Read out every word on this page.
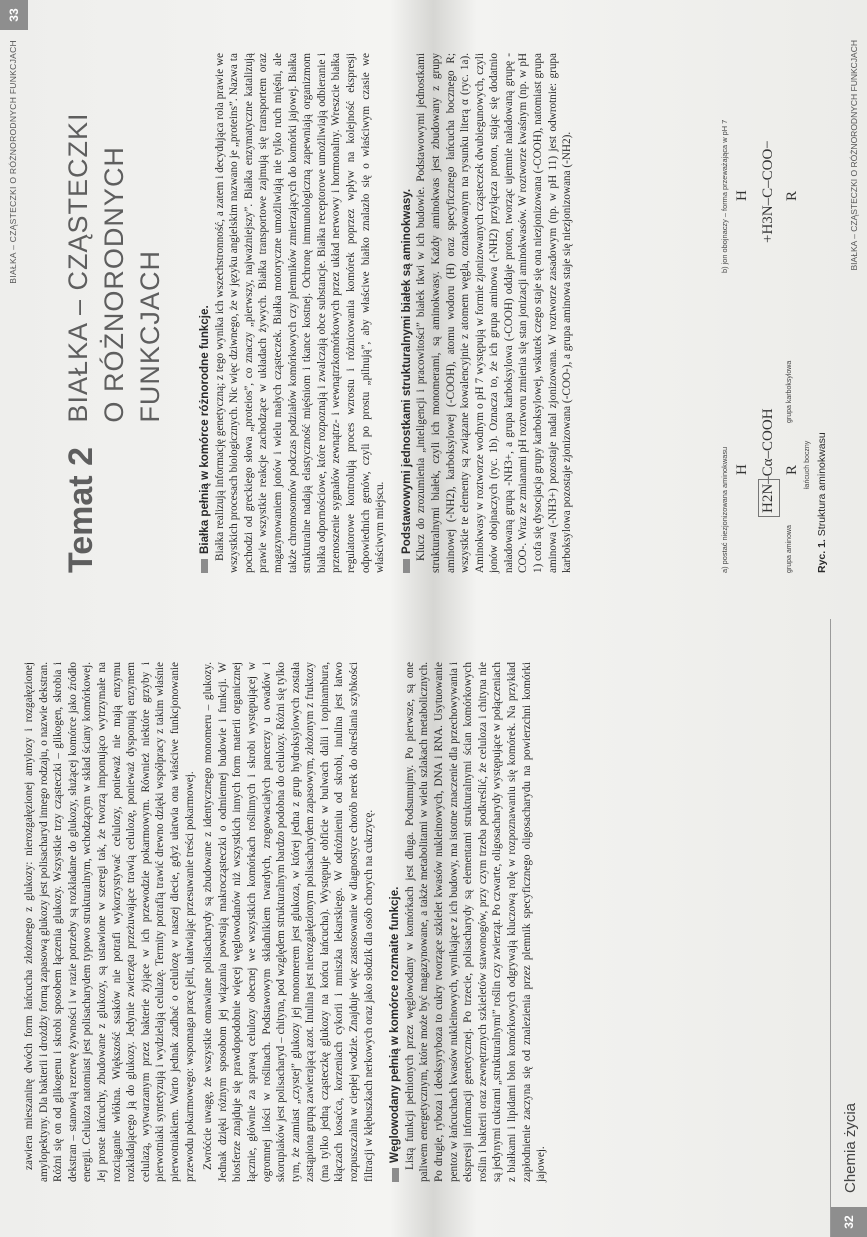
zawiera mieszaninę dwóch form łańcucha złożonego z glukozy: nierozgałęzionej amylozy i rozgałęzionej amylopektyny. Dla bakterii i drożdży formą zapasową glukozy jest polisacharyd innego rodzaju, o nazwie dekstran. Różni się on od glikogenu i skrobi sposobem łączenia glukozy. Wszystkie trzy cząsteczki – glikogen, skrobia i dekstran – stanowią rezerwę żywności i w razie potrzeby są rozkładane do glukozy, służącej komórce jako źródło energii. Celuloza natomiast jest polisacharydem typowo strukturalnym, wchodzącym w skład ściany komórkowej. Jej proste łańcuchy, zbudowane z glukozy, są ustawione w szeregi tak, że tworzą imponująco wytrzymałe na rozciąganie włókna. Większość ssaków nie potrafi wykorzystywać celulozy, ponieważ nie mają enzymu rozkładającego ją do glukozy. Jedynie zwierzęta przeżuwające trawią celulozę, ponieważ dysponują enzymem celulazą, wytwarzanym przez bakterie żyjące w ich przewodzie pokarmowym. Również niektóre grzyby i pierwotniaki syntetyzują i wydzielają celulazę. Termity potrafią trawić drewno dzięki współpracy z takim właśnie pierwotniakiem. Warto jednak zadbać o celulozę w naszej diecie, gdyż ułatwia ona właściwe funkcjonowanie przewodu pokarmowego: wspomaga pracę jelit, ułatwiając przesuwanie treści pokarmowej. Zwróćcie uwagę, że wszystkie omawiane polisacharydy są zbudowane z identycznego monomeru – glukozy. Jednak dzięki różnym sposobom jej wiązania powstają makrocząsteczki o odmiennej budowie i funkcji. W biosferze znajduje się prawdopodobnie więcej węglowodanów niż wszystkich innych form materii organicznej łącznie, głównie za sprawą celulozy obecnej we wszystkich komórkach roślinnych i skrobi występującej w ogromnej ilości w roślinach. Podstawowym składnikiem twardych, zrogowaciałych pancerzy u owadów i skorupiaków jest polisacharyd – chityna, pod względem strukturalnym bardzo podobna do celulozy. Różni się tylko tym, że zamiast „czystej” glukozy jej monomerem jest glukoza, w której jedna z grup hydroksylowych została zastąpiona grupą zawierającą azot. Inulina jest nierozgałęzionym polisacharydem zapasowym, złożonym z fruktozy (ma tylko jedną cząsteczkę glukozy na końcu łańcucha). Występuje obficie w bulwach dalii i topinambura, kłączach kosaćca, korzeniach cykorii i mniszka lekarskiego. W odróżnieniu od skrobi, inulina jest łatwo rozpuszczalna w ciepłej wodzie. Znajduje więc zastosowanie w diagnostyce chorób nerek do określania szybkości filtracji w kłębuszkach nerkowych oraz jako słodzik dla osób chorych na cukrzycę. Węglowodany pełnią w komórce rozmaite funkcje. Listą funkcji pełnionych przez węglowodany w komórkach jest długa. Podsumujmy. Po pierwsze, są one paliwem energetycznym, które może być magazynowane, a także metabolitami w wielu szlakach metabolicznych. Po drugie, ryboza i deoksyryboza to cukry tworzące szkielet kwasów nukleinowych, DNA i RNA. Usytuowanie pentoz w łańcuchach kwasów nukleinowych, wynikające z ich budowy, ma istotne znaczenie dla przechowywania i ekspresji informacji genetycznej. Po trzecie, polisacharydy są elementami strukturalnymi ścian komórkowych roślin i bakterii oraz zewnętrznych szkieletów stawonogów, przy czym trzeba podkreślić, że celuloza i chityna nie są jedynymi cukrami „strukturalnymi” roślin czy zwierząt. Po czwarte, oligosacharydy występujące w połączeniach z białkami i lipidami błon komórkowych odgrywają kluczową rolę w rozpoznawaniu się komórek. Na przykład zapłodnienie zaczyna się od znalezienia przez plemnik specyficznego oligosacharydu na powierzchni komórki jajowej.

32
Chemia życia
BIAŁKA – CZĄSTECZKI O RÓŻNORODNYCH FUNKCJACH
33
Temat 2 BIAŁKA – CZĄSTECZKI O RÓŻNORODNYCH FUNKCJACH	Białka pełnią w komórce różnorodne funkcje. Białka realizują informację genetyczną; z tego wynika ich wszechstronność, a zatem i decydująca rola prawie we wszystkich procesach biologicznych. Nic więc dziwnego, że w języku angielskim nazwano je „proteins”. Nazwa ta pochodzi od greckiego słowa „proteios”, co znaczy „pierwszy, najważniejszy”. Białka enzymatyczne katalizują prawie wszystkie reakcje zachodzące w układach żywych. Białka transportowe zajmują się transportem oraz magazynowaniem jonów i wielu małych cząsteczek. Białka motoryczne umożliwiają nie tylko ruch mięśni, ale także chromosomów podczas podziałów komórkowych czy plemników zmierzających do komórki jajowej. Białka strukturalne nadają elastyczność mięśniom i tkance kostnej. Ochronę immunologiczną zapewniają organizmom białka odpornościowe, które rozpoznają i zwalczają obce substancje. Białka receptorowe umożliwiają odbieranie i przenoszenie sygnałów zewnątrz- i wewnątrzkomórkowych przez układ nerwowy i hormonalny. Wreszcie białka regulatorowe kontrolują proces wzrostu i różnicowania komórek poprzez wpływ na kolejność ekspresji odpowiednich genów, czyli po prostu „pilnują”, aby właściwe białko znalazło się o właściwym czasie we właściwym miejscu. Podstawowymi jednostkami strukturalnymi białek są aminokwasy. Klucz do zrozumienia „inteligencji i pracowitości” białek tkwi w ich budowie. Podstawowymi jednostkami strukturalnymi białek, czyli ich monomerami, są aminokwasy. Każdy aminokwas jest zbudowany z grupy aminowej (-NH2), karboksylowej (-COOH), atomu wodoru (H) oraz specyficznego łańcucha bocznego R; wszystkie te elementy są związane kowalencyjnie z atomem węgla, oznakowanym na rysunku literą α (ryc. 1a). Aminokwasy w roztworze wodnym o pH 7 występują w formie zjonizowanych cząsteczek dwubiegunowych, czyli jonów obojnaczych (ryc. 1b). Oznacza to, że ich grupa aminowa (-NH2) przyłącza proton, stając się dodatnio naładowaną grupą -NH3+, a grupa karboksylowa (-COOH) oddaje proton, tworząc ujemnie naładowaną grupę -COO-. Wraz ze zmianami pH roztworu zmienia się stan jonizacji aminokwasów. W roztworze kwaśnym (np. w pH 1) cofa się dysocjacja grupy karboksylowej, wskutek czego staje się ona niezjonizowana (-COOH), natomiast grupa aminowa (-NH3+) pozostaje nadal zjonizowana. W roztworze zasadowym (np. w pH 11) jest odwrotnie: grupa karboksylowa pozostaje zjonizowana (-COO-), a grupa aminowa staje się niezjonizowana (-NH2).	a) postać niezjonizowana aminokwasu
b) jon obojnaczy – forma przeważająca w pH 7
H H2N–Cα–COOH R
grupa aminowa
grupa karboksylowa
łańcuch boczny
H +H3N–C–COO− R
Ryc. 1. Struktura aminokwasu
BIAŁKA – CZĄSTECZKI O RÓŻNORODNYCH FUNKCJACH
